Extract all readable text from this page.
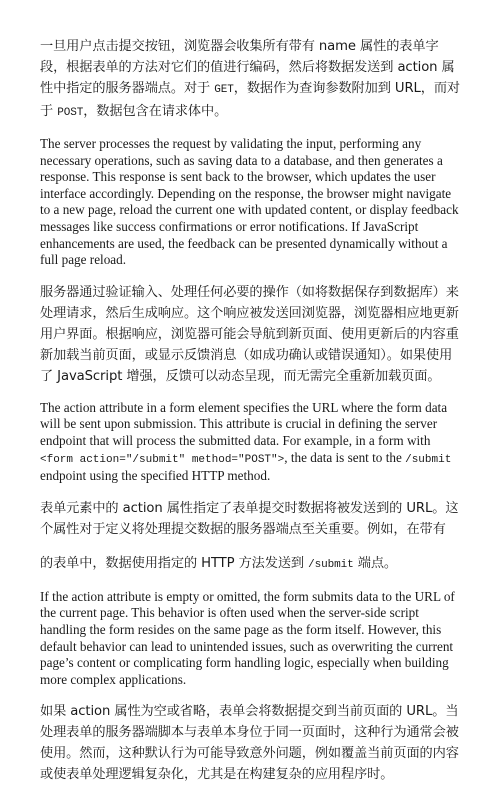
一旦用户点击提交按钮，浏览器会收集所有带有 name 属性的表单字段，根据表单的方法对它们的值进行编码，然后将数据发送到 action 属性中指定的服务器端点。对于 GET，数据作为查询参数附加到 URL，而对于 POST，数据包含在请求体中。

The server processes the request by validating the input, performing any necessary operations, such as saving data to a database, and then generates a response. This response is sent back to the browser, which updates the user interface accordingly. Depending on the response, the browser might navigate to a new page, reload the current one with updated content, or display feedback messages like success confirmations or error notifications. If JavaScript enhancements are used, the feedback can be presented dynamically without a full page reload.

服务器通过验证输入、处理任何必要的操作（如将数据保存到数据库）来处理请求，然后生成响应。这个响应被发送回浏览器，浏览器相应地更新用户界面。根据响应，浏览器可能会导航到新页面、使用更新后的内容重新加载当前页面，或显示反馈消息（如成功确认或错误通知）。如果使用了 JavaScript 增强，反馈可以动态呈现，而无需完全重新加载页面。

The action attribute in a form element specifies the URL where the form data will be sent upon submission. This attribute is crucial in defining the server endpoint that will process the submitted data. For example, in a form with <form action="/submit" method="POST">, the data is sent to the /submit endpoint using the specified HTTP method.

表单元素中的 action 属性指定了表单提交时数据将被发送到的 URL。这个属性对于定义将处理提交数据的服务器端点至关重要。例如，在带有

的表单中，数据使用指定的 HTTP 方法发送到 /submit 端点。

If the action attribute is empty or omitted, the form submits data to the URL of the current page. This behavior is often used when the server-side script handling the form resides on the same page as the form itself. However, this default behavior can lead to unintended issues, such as overwriting the current page’s content or complicating form handling logic, especially when building more complex applications.

如果 action 属性为空或省略，表单会将数据提交到当前页面的 URL。当处理表单的服务器端脚本与表单本身位于同一页面时，这种行为通常会被使用。然而，这种默认行为可能导致意外问题，例如覆盖当前页面的内容或使表单处理逻辑复杂化，尤其是在构建复杂的应用程序时。
